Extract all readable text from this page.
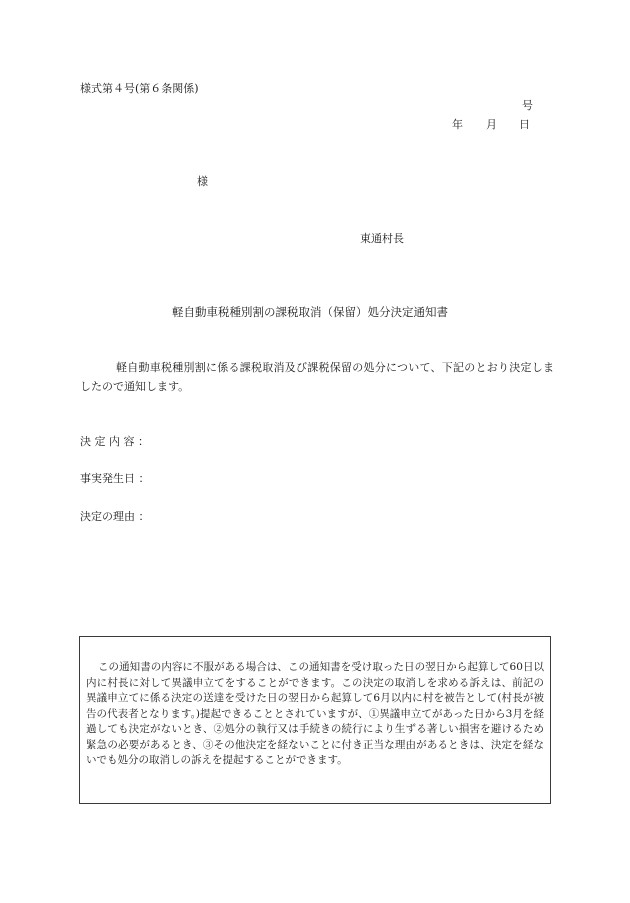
様式第４号(第６条関係)
号
年 月 日
様
東通村長
軽自動車税種別割の課税取消（保留）処分決定通知書
軽自動車税種別割に係る課税取消及び課税保留の処分について、下記のとおり決定しましたので通知します。
決 定 内 容 ：
事実発生日 ：
決定の理由 ：
この通知書の内容に不服がある場合は、この通知書を受け取った日の翌日から起算して60日以内に村長に対して異議申立てをすることができます。この決定の取消しを求める訴えは、前記の異議申立てに係る決定の送達を受けた日の翌日から起算して6月以内に村を被告として(村長が被告の代表者となります。)提起できることとされていますが、①異議申立てがあった日から3月を経過しても決定がないとき、②処分の執行又は手続きの続行により生ずる著しい損害を避けるため緊急の必要があるとき、③その他決定を経ないことに付き正当な理由があるときは、決定を経ないでも処分の取消しの訴えを提起することができます。
